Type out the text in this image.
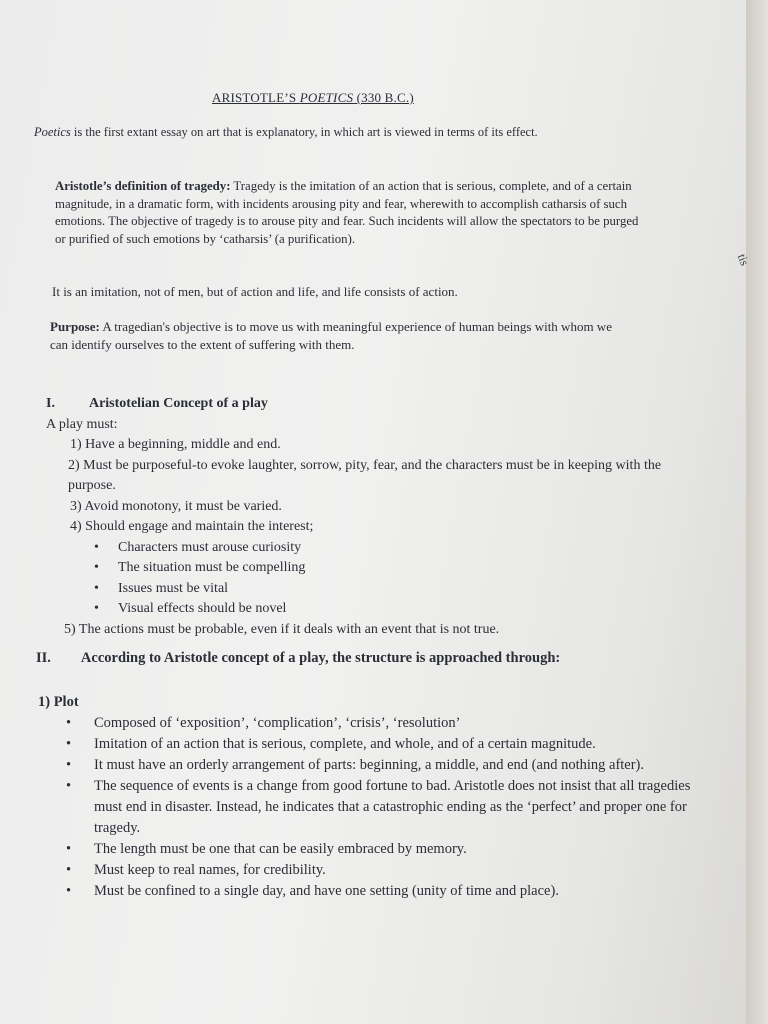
ARISTOTLE’S POETICS (330 B.C.)

Poetics is the first extant essay on art that is explanatory, in which art is viewed in terms of its effect.

Aristotle’s definition of tragedy: Tragedy is the imitation of an action that is serious, complete, and of a certain magnitude, in a dramatic form, with incidents arousing pity and fear, wherewith to accomplish catharsis of such emotions. The objective of tragedy is to arouse pity and fear. Such incidents will allow the spectators to be purged or purified of such emotions by ‘catharsis’ (a purification).

It is an imitation, not of men, but of action and life, and life consists of action.

Purpose: A tragedian's objective is to move us with meaningful experience of human beings with whom we can identify ourselves to the extent of suffering with them.

I. Aristotelian Concept of a play
A play must:
1) Have a beginning, middle and end.
2) Must be purposeful-to evoke laughter, sorrow, pity, fear, and the characters must be in keeping with the purpose.
3) Avoid monotony, it must be varied.
4) Should engage and maintain the interest;
• Characters must arouse curiosity
• The situation must be compelling
• Issues must be vital
• Visual effects should be novel
5) The actions must be probable, even if it deals with an event that is not true.
II. According to Aristotle concept of a play, the structure is approached through:
1) Plot
• Composed of ‘exposition’, ‘complication’, ‘crisis’, ‘resolution’
• Imitation of an action that is serious, complete, and whole, and of a certain magnitude.
• It must have an orderly arrangement of parts: beginning, a middle, and end (and nothing after).
• The sequence of events is a change from good fortune to bad. Aristotle does not insist that all tragedies must end in disaster. Instead, he indicates that a catastrophic ending as the ‘perfect’ and proper one for tragedy.
• The length must be one that can be easily embraced by memory.
• Must keep to real names, for credibility.
• Must be confined to a single day, and have one setting (unity of time and place).
tis
